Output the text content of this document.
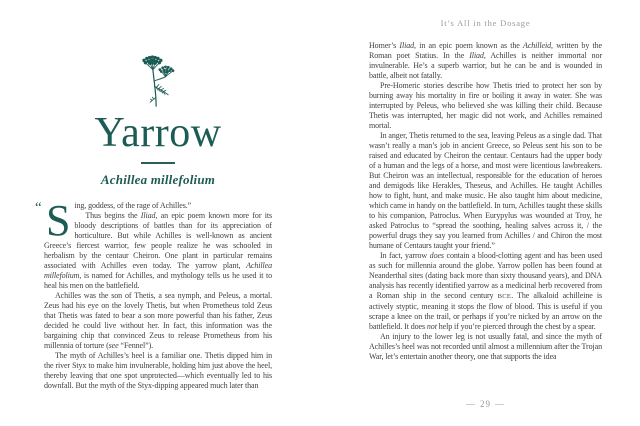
Yarrow

Achillea millefolium

“ S ing, goddess, of the rage of Achilles.”

Thus begins the Iliad, an epic poem known more for its bloody descriptions of battles than for its appreciation of horticulture. But while Achilles is well-known as ancient Greece’s fiercest warrior, few people realize he was schooled in herbalism by the centaur Cheiron. One plant in particular remains associated with Achilles even today. The yarrow plant, Achillea millefolium, is named for Achilles, and mythology tells us he used it to heal his men on the battlefield.

Achilles was the son of Thetis, a sea nymph, and Peleus, a mortal. Zeus had his eye on the lovely Thetis, but when Prometheus told Zeus that Thetis was fated to bear a son more powerful than his father, Zeus decided he could live without her. In fact, this information was the bargaining chip that convinced Zeus to release Prometheus from his millennia of torture (see “Fennel”).

The myth of Achilles’s heel is a familiar one. Thetis dipped him in the river Styx to make him invulnerable, holding him just above the heel, thereby leaving that one spot unprotected—which eventually led to his downfall. But the myth of the Styx-dipping appeared much later than

It’s All in the Dosage

Homer’s Iliad, in an epic poem known as the Achilleid, written by the Roman poet Statius. In the Iliad, Achilles is neither immortal nor invulnerable. He’s a superb warrior, but he can be and is wounded in battle, albeit not fatally.

Pre-Homeric stories describe how Thetis tried to protect her son by burning away his mortality in fire or boiling it away in water. She was interrupted by Peleus, who believed she was killing their child. Because Thetis was interrupted, her magic did not work, and Achilles remained mortal.

In anger, Thetis returned to the sea, leaving Peleus as a single dad. That wasn’t really a man’s job in ancient Greece, so Peleus sent his son to be raised and educated by Cheiron the centaur. Centaurs had the upper body of a human and the legs of a horse, and most were licentious lawbreakers. But Cheiron was an intellectual, responsible for the education of heroes and demigods like Herakles, Theseus, and Achilles. He taught Achilles how to fight, hunt, and make music. He also taught him about medicine, which came in handy on the battlefield. In turn, Achilles taught these skills to his companion, Patroclus. When Eurypylus was wounded at Troy, he asked Patroclus to “spread the soothing, healing salves across it, / the powerful drugs they say you learned from Achilles / and Chiron the most humane of Centaurs taught your friend.”

In fact, yarrow does contain a blood-clotting agent and has been used as such for millennia around the globe. Yarrow pollen has been found at Neanderthal sites (dating back more than sixty thousand years), and DNA analysis has recently identified yarrow as a medicinal herb recovered from a Roman ship in the second century BCE. The alkaloid achilleine is actively styptic, meaning it stops the flow of blood. This is useful if you scrape a knee on the trail, or perhaps if you’re nicked by an arrow on the battlefield. It does not help if you’re pierced through the chest by a spear.

An injury to the lower leg is not usually fatal, and since the myth of Achilles’s heel was not recorded until almost a millennium after the Trojan War, let’s entertain another theory, one that supports the idea

— 29 —
